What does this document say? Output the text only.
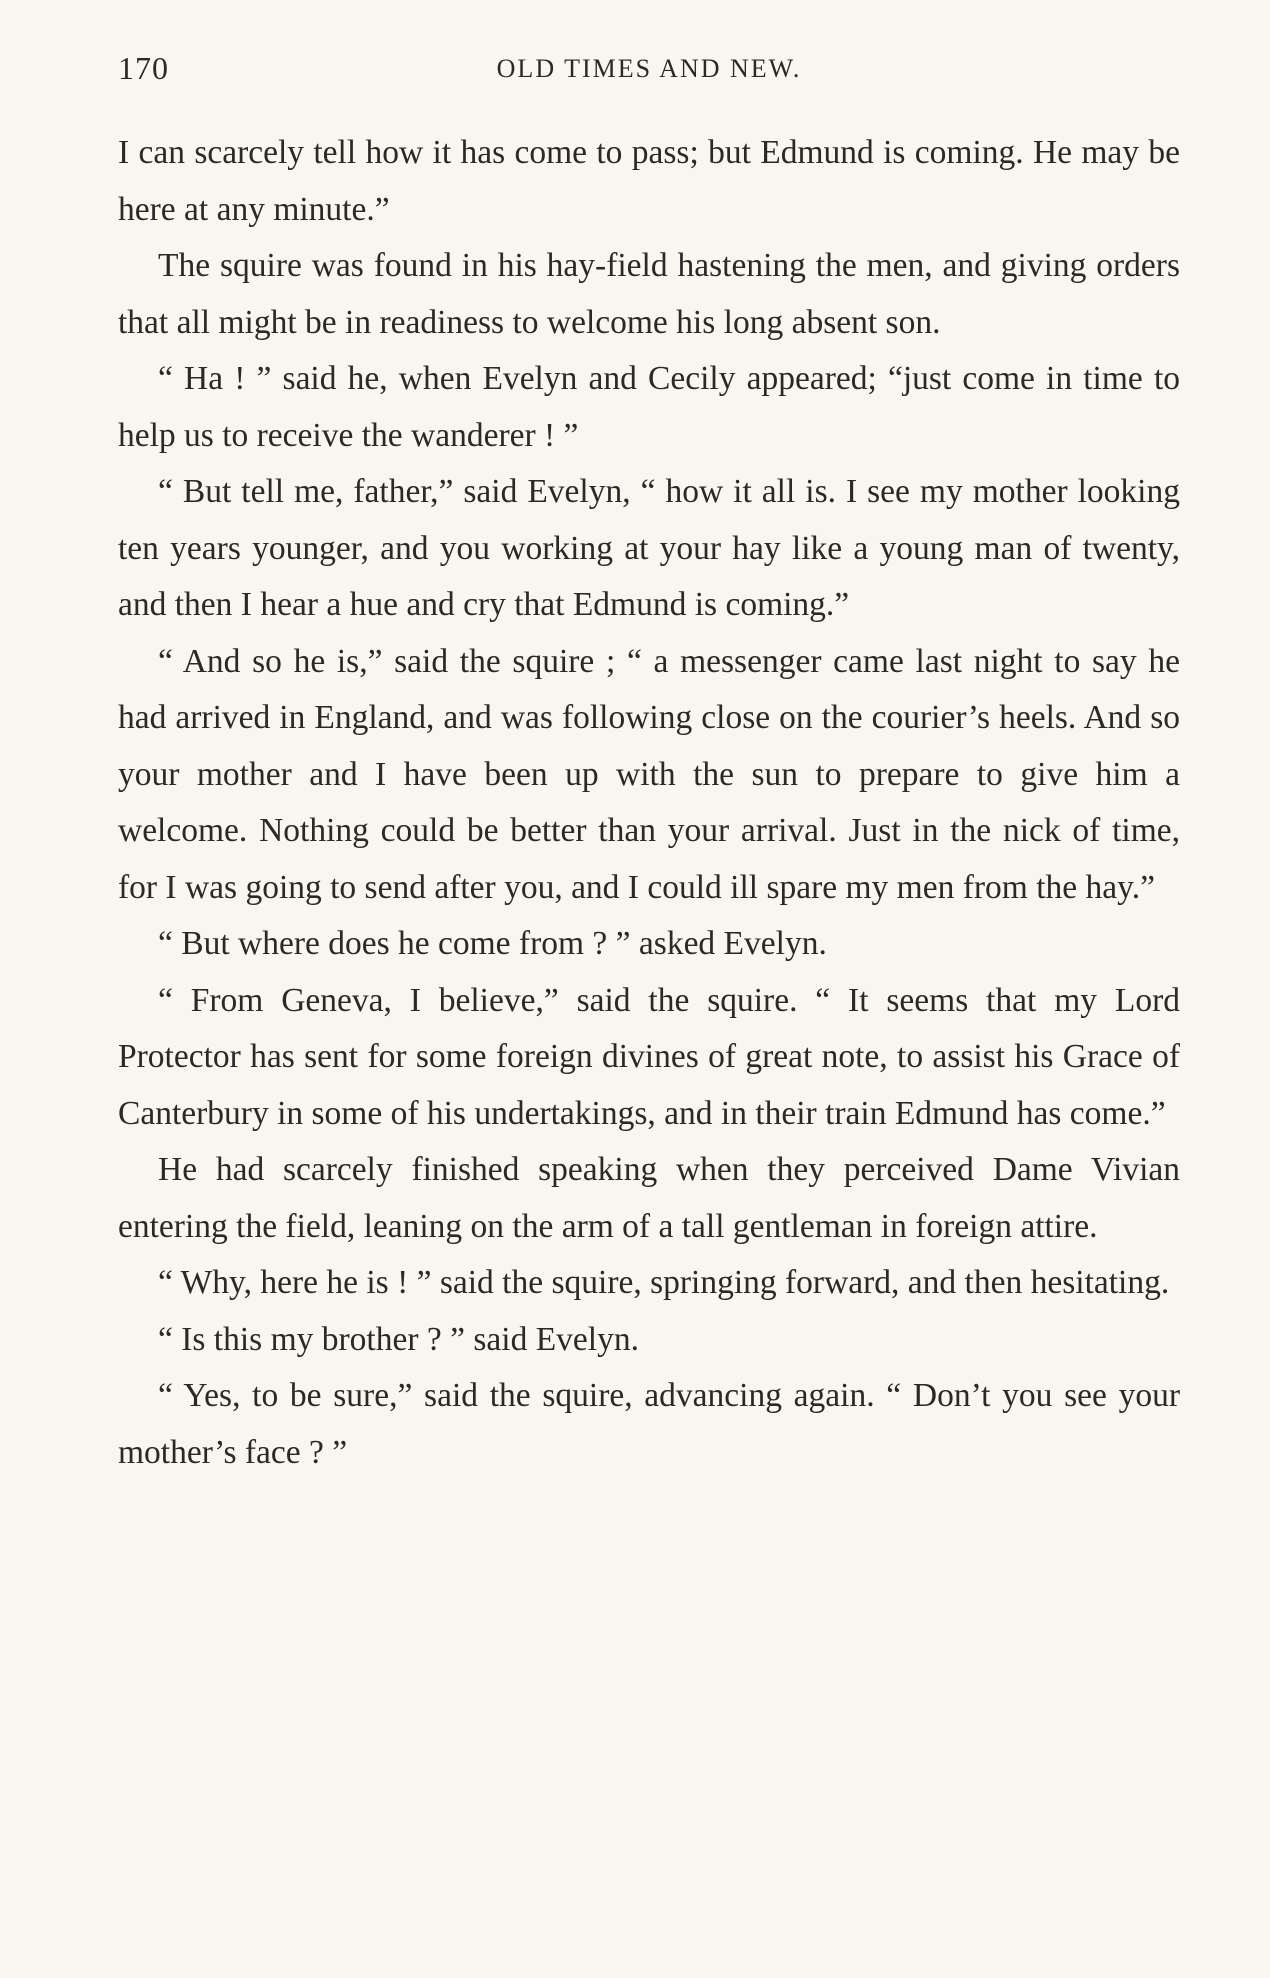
170	OLD TIMES AND NEW.

I can scarcely tell how it has come to pass; but Edmund is coming. He may be here at any minute.”

The squire was found in his hay-field hastening the men, and giving orders that all might be in readiness to welcome his long absent son.

“ Ha ! ” said he, when Evelyn and Cecily appeared; “just come in time to help us to receive the wanderer ! ”

“ But tell me, father,” said Evelyn, “ how it all is. I see my mother looking ten years younger, and you working at your hay like a young man of twenty, and then I hear a hue and cry that Edmund is coming.”

“ And so he is,” said the squire ; “ a messenger came last night to say he had arrived in England, and was following close on the courier’s heels. And so your mother and I have been up with the sun to prepare to give him a welcome. Nothing could be better than your arrival. Just in the nick of time, for I was going to send after you, and I could ill spare my men from the hay.”

“ But where does he come from ? ” asked Evelyn.

“ From Geneva, I believe,” said the squire. “ It seems that my Lord Protector has sent for some foreign divines of great note, to assist his Grace of Canterbury in some of his undertakings, and in their train Edmund has come.”

He had scarcely finished speaking when they perceived Dame Vivian entering the field, leaning on the arm of a tall gentleman in foreign attire.

“ Why, here he is ! ” said the squire, springing forward, and then hesitating.

“ Is this my brother ? ” said Evelyn.

“ Yes, to be sure,” said the squire, advancing again. “ Don’t you see your mother’s face ? ”
